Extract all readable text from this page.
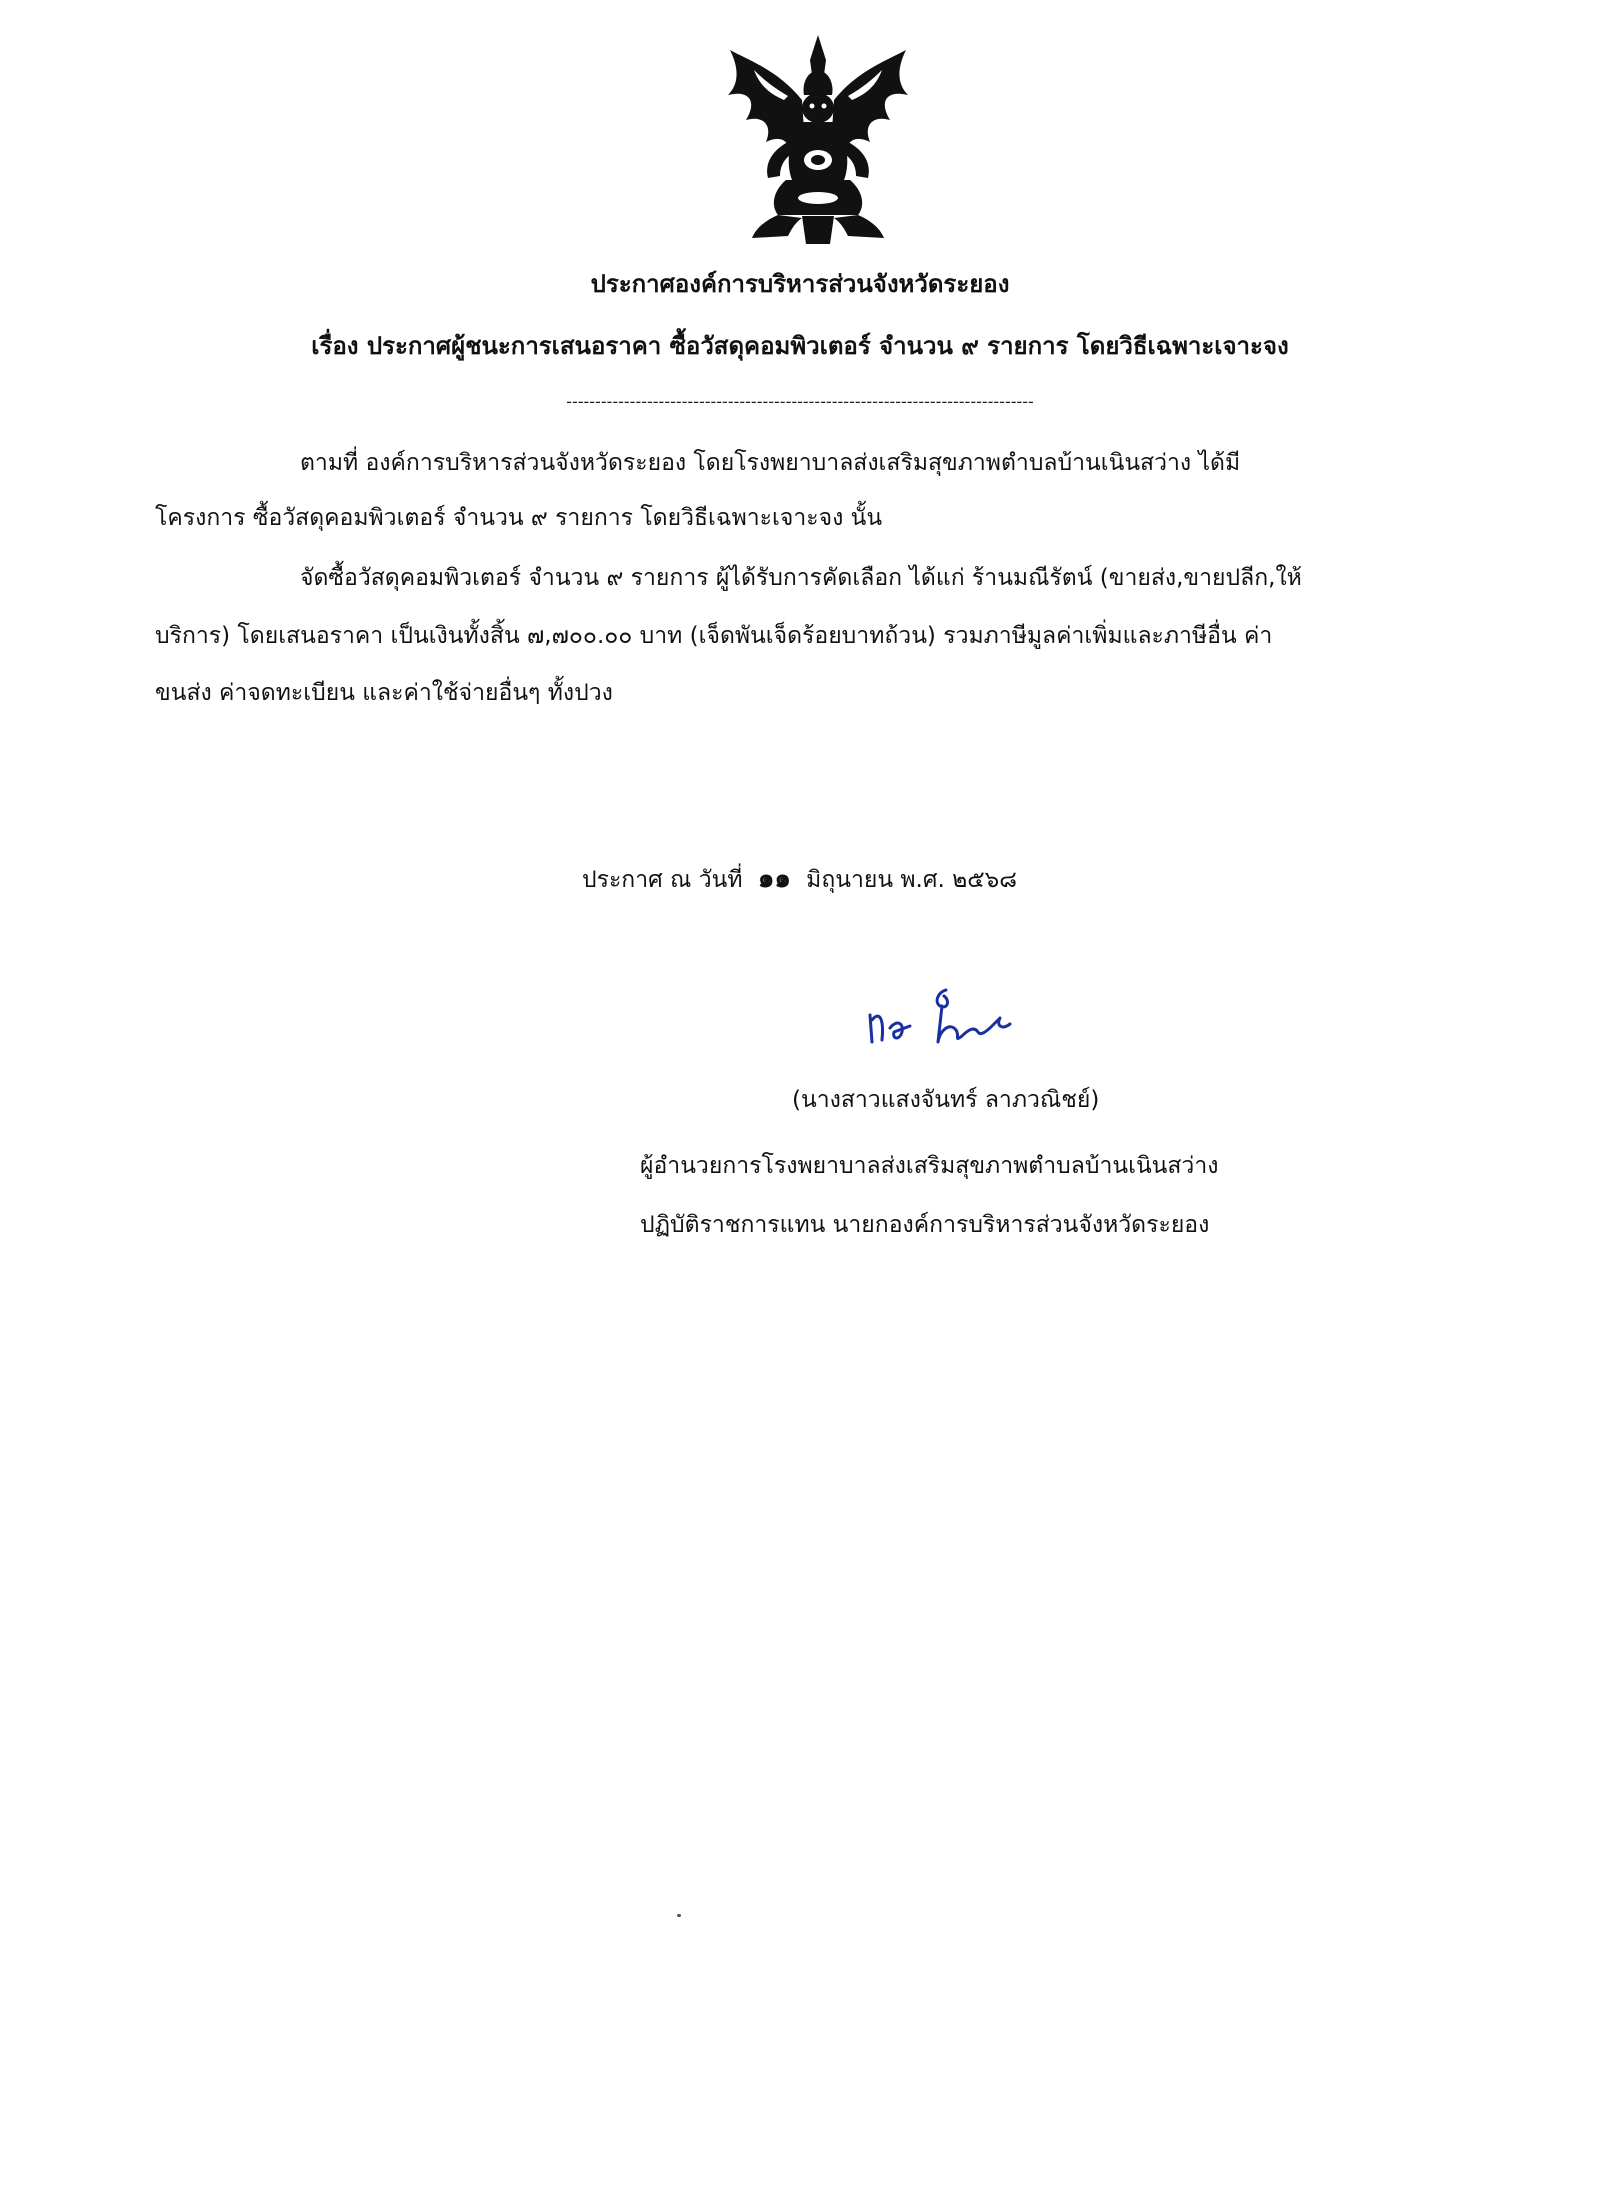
ประกาศองค์การบริหารส่วนจังหวัดระยอง
เรื่อง ประกาศผู้ชนะการเสนอราคา ซื้อวัสดุคอมพิวเตอร์ จำนวน ๙ รายการ โดยวิธีเฉพาะเจาะจง
---------------------------------------------------------------------------------
ตามที่ องค์การบริหารส่วนจังหวัดระยอง โดยโรงพยาบาลส่งเสริมสุขภาพตำบลบ้านเนินสว่าง ได้มี
โครงการ ซื้อวัสดุคอมพิวเตอร์ จำนวน ๙ รายการ โดยวิธีเฉพาะเจาะจง นั้น
จัดซื้อวัสดุคอมพิวเตอร์ จำนวน ๙ รายการ ผู้ได้รับการคัดเลือก ได้แก่ ร้านมณีรัตน์ (ขายส่ง,ขายปลีก,ให้
บริการ) โดยเสนอราคา เป็นเงินทั้งสิ้น ๗,๗๐๐.๐๐ บาท (เจ็ดพันเจ็ดร้อยบาทถ้วน) รวมภาษีมูลค่าเพิ่มและภาษีอื่น ค่า
ขนส่ง ค่าจดทะเบียน และค่าใช้จ่ายอื่นๆ ทั้งปวง
ประกาศ ณ วันที่ ๑๑ มิถุนายน พ.ศ. ๒๕๖๘
(นางสาวแสงจันทร์ ลาภวณิชย์)
ผู้อำนวยการโรงพยาบาลส่งเสริมสุขภาพตำบลบ้านเนินสว่าง
ปฏิบัติราชการแทน นายกองค์การบริหารส่วนจังหวัดระยอง
